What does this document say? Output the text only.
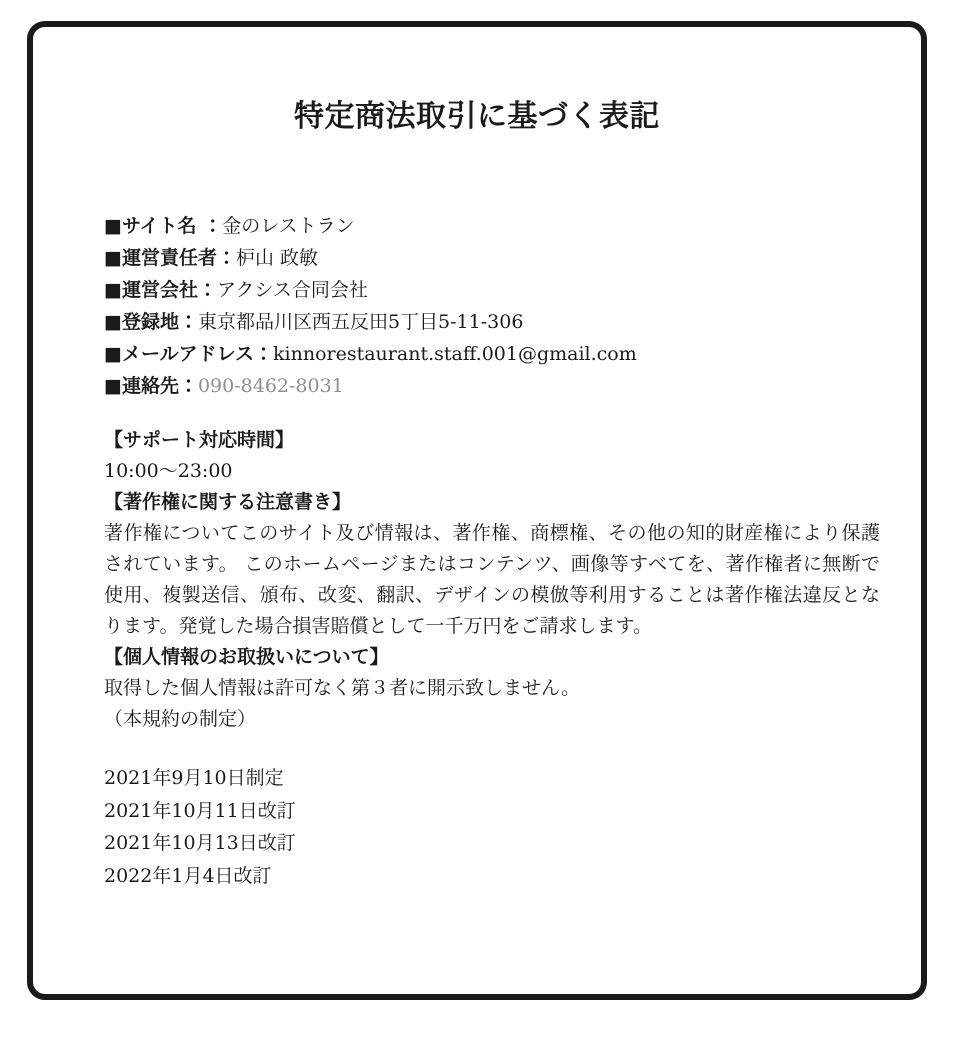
特定商法取引に基づく表記
■サイト名 ：金のレストラン
■運営責任者：枦山 政敏
■運営会社：アクシス合同会社
■登録地：東京都品川区西五反田5丁目5-11-306
■メールアドレス：kinnorestaurant.staff.001@gmail.com
■連絡先：090-8462-8031
【サポート対応時間】
10:00〜23:00
【著作権に関する注意書き】
著作権についてこのサイト及び情報は、著作権、商標権、その他の知的財産権により保護されています。 このホームページまたはコンテンツ、画像等すべてを、著作権者に無断で使用、複製送信、頒布、改変、翻訳、デザインの模倣等利用することは著作権法違反となります。発覚した場合損害賠償として一千万円をご請求します。
【個人情報のお取扱いについて】
取得した個人情報は許可なく第３者に開示致しません。
（本規約の制定）
2021年9月10日制定
2021年10月11日改訂
2021年10月13日改訂
2022年1月4日改訂
